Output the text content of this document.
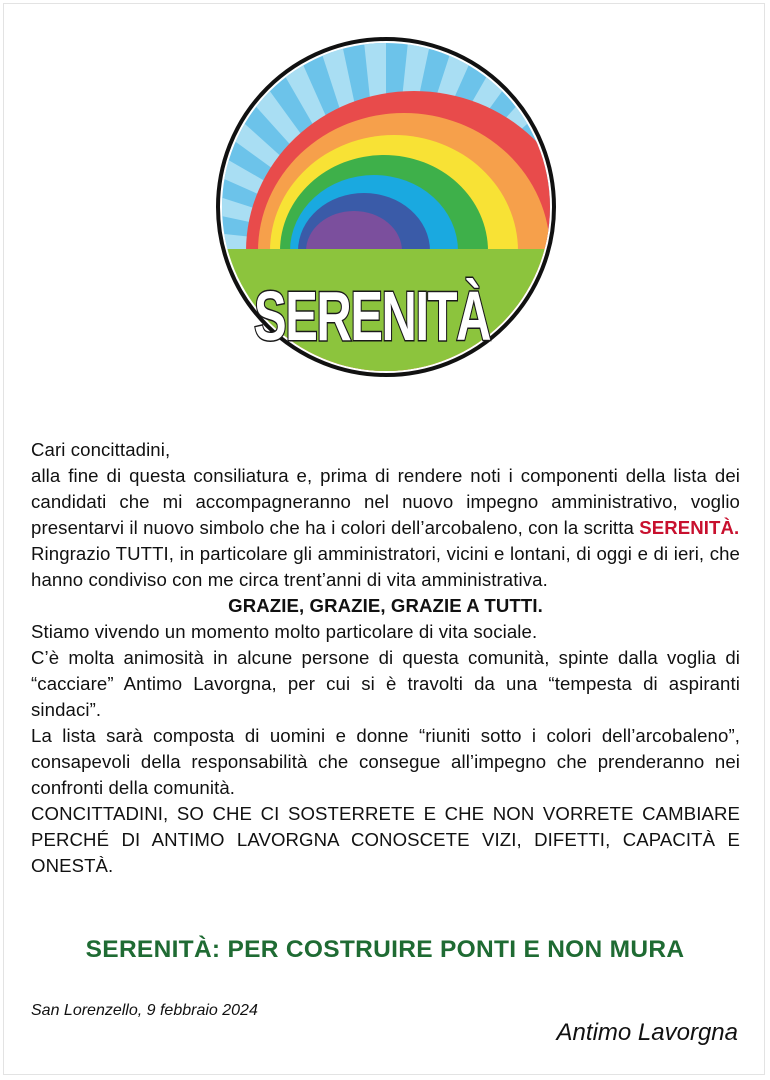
SERENITÀ

Cari concittadini,

alla fine di questa consiliatura e, prima di rendere noti i componenti della lista dei candidati che mi accompagneranno nel nuovo impegno amministrativo, voglio presentarvi il nuovo simbolo che ha i colori dell’arcobaleno, con la scritta SERENITÀ.

Ringrazio TUTTI, in particolare gli amministratori, vicini e lontani, di oggi e di ieri, che hanno condiviso con me circa trent’anni di vita amministrativa.

GRAZIE, GRAZIE, GRAZIE A TUTTI.

Stiamo vivendo un momento molto particolare di vita sociale.

C’è molta animosità in alcune persone di questa comunità, spinte dalla voglia di “cacciare” Antimo Lavorgna, per cui si è travolti da una “tempesta di aspiranti sindaci”.

La lista sarà composta di uomini e donne “riuniti sotto i colori dell’arcobaleno”, consapevoli della responsabilità che consegue all’impegno che prenderanno nei confronti della comunità.

CONCITTADINI, SO CHE CI SOSTERRETE E CHE NON VORRETE CAMBIARE PERCHÉ DI ANTIMO LAVORGNA CONOSCETE VIZI, DIFETTI, CAPACITÀ E ONESTÀ.

SERENITÀ: PER COSTRUIRE PONTI E NON MURA
San Lorenzello, 9 febbraio 2024
Antimo Lavorgna
